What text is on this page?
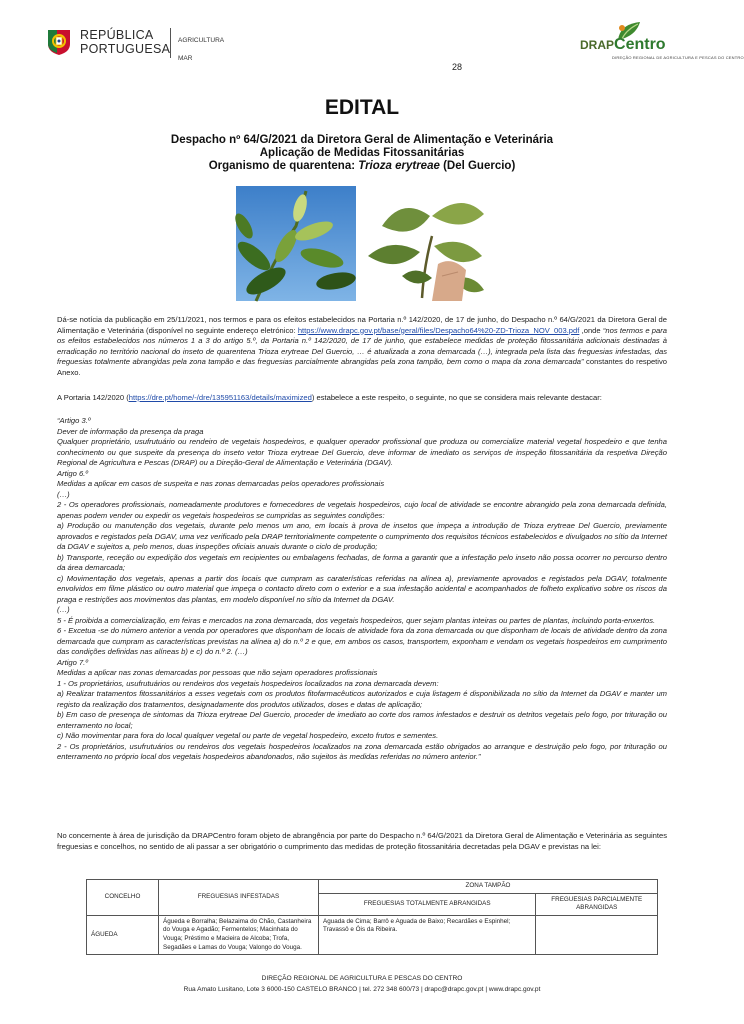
REPÚBLICA
PORTUGUESA
AGRICULTURA
MAR
DRAPCentro
DIREÇÃO REGIONAL DE AGRICULTURA E PESCAS DO CENTRO
28
EDITAL
Despacho nº 64/G/2021 da Diretora Geral de Alimentação e Veterinária
Aplicação de Medidas Fitossanitárias
Organismo de quarentena: Trioza erytreae (Del Guercio)
Dá-se notícia da publicação em 25/11/2021, nos termos e para os efeitos estabelecidos na Portaria n.º 142/2020, de 17 de junho, do Despacho n.º 64/G/2021 da Diretora Geral de Alimentação e Veterinária (disponível no seguinte endereço eletrónico: https://www.drapc.gov.pt/base/geral/files/Despacho64%20-ZD-Trioza_NOV_003.pdf ,onde “nos termos e para os efeitos estabelecidos nos números 1 a 3 do artigo 5.º, da Portaria n.º 142/2020, de 17 de junho, que estabelece medidas de proteção fitossanitária adicionais destinadas à erradicação no território nacional do inseto de quarentena Trioza erytreae Del Guercio, … é atualizada a zona demarcada (…), integrada pela lista das freguesias infestadas, das freguesias totalmente abrangidas pela zona tampão e das freguesias parcialmente abrangidas pela zona tampão, bem como o mapa da zona demarcada” constantes do respetivo Anexo.
A Portaria 142/2020 (https://dre.pt/home/-/dre/135951163/details/maximized) estabelece a este respeito, o seguinte, no que se considera mais relevante destacar:
“Artigo 3.º
Dever de informação da presença da praga
Qualquer proprietário, usufrutuário ou rendeiro de vegetais hospedeiros, e qualquer operador profissional que produza ou comercialize material vegetal hospedeiro e que tenha conhecimento ou que suspeite da presença do inseto vetor Trioza erytreae Del Guercio, deve informar de imediato os serviços de inspeção fitossanitária da respetiva Direção Regional de Agricultura e Pescas (DRAP) ou a Direção-Geral de Alimentação e Veterinária (DGAV).
Artigo 6.º
Medidas a aplicar em casos de suspeita e nas zonas demarcadas pelos operadores profissionais
(…)
2 - Os operadores profissionais, nomeadamente produtores e fornecedores de vegetais hospedeiros, cujo local de atividade se encontre abrangido pela zona demarcada definida, apenas podem vender ou expedir os vegetais hospedeiros se cumpridas as seguintes condições:
a) Produção ou manutenção dos vegetais, durante pelo menos um ano, em locais à prova de insetos que impeça a introdução de Trioza erytreae Del Guercio, previamente aprovados e registados pela DGAV, uma vez verificado pela DRAP territorialmente competente o cumprimento dos requisitos técnicos estabelecidos e divulgados no sítio da Internet da DGAV e sujeitos a, pelo menos, duas inspeções oficiais anuais durante o ciclo de produção;
b) Transporte, receção ou expedição dos vegetais em recipientes ou embalagens fechadas, de forma a garantir que a infestação pelo inseto não possa ocorrer no percurso dentro da área demarcada;
c) Movimentação dos vegetais, apenas a partir dos locais que cumpram as caraterísticas referidas na alínea a), previamente aprovados e registados pela DGAV, totalmente envolvidos em filme plástico ou outro material que impeça o contacto direto com o exterior e a sua infestação acidental e acompanhados de folheto explicativo sobre os riscos da praga e restrições aos movimentos das plantas, em modelo disponível no sítio da Internet da DGAV.
(…)
5 - É proibida a comercialização, em feiras e mercados na zona demarcada, dos vegetais hospedeiros, quer sejam plantas inteiras ou partes de plantas, incluindo porta-enxertos.
6 - Excetua -se do número anterior a venda por operadores que disponham de locais de atividade fora da zona demarcada ou que disponham de locais de atividade dentro da zona demarcada que cumpram as características previstas na alínea a) do n.º 2 e que, em ambos os casos, transportem, exponham e vendam os vegetais hospedeiros em cumprimento das condições definidas nas alíneas b) e c) do n.º 2. (…)
Artigo 7.º
Medidas a aplicar nas zonas demarcadas por pessoas que não sejam operadores profissionais
1 - Os proprietários, usufrutuários ou rendeiros dos vegetais hospedeiros localizados na zona demarcada devem:
a) Realizar tratamentos fitossanitários a esses vegetais com os produtos fitofarmacêuticos autorizados e cuja listagem é disponibilizada no sítio da Internet da DGAV e manter um registo da realização dos tratamentos, designadamente dos produtos utilizados, doses e datas de aplicação;
b) Em caso de presença de sintomas da Trioza erytreae Del Guercio, proceder de imediato ao corte dos ramos infestados e destruir os detritos vegetais pelo fogo, por trituração ou enterramento no local;
c) Não movimentar para fora do local qualquer vegetal ou parte de vegetal hospedeiro, exceto frutos e sementes.
2 - Os proprietários, usufrutuários ou rendeiros dos vegetais hospedeiros localizados na zona demarcada estão obrigados ao arranque e destruição pelo fogo, por trituração ou enterramento no próprio local dos vegetais hospedeiros abandonados, não sujeitos às medidas referidas no número anterior.”
No concernente à área de jurisdição da DRAPCentro foram objeto de abrangência por parte do Despacho n.º 64/G/2021 da Diretora Geral de Alimentação e Veterinária as seguintes freguesias e concelhos, no sentido de ali passar a ser obrigatório o cumprimento das medidas de proteção fitossanitária decretadas pela DGAV e previstas na lei:
CONCELHO	FREGUESIAS INFESTADAS	ZONA TAMPÃO	
		FREGUESIAS TOTALMENTE ABRANGIDAS	FREGUESIAS PARCIALMENTE ABRANGIDAS
ÁGUEDA	Águeda e Borralha; Belazaima do Chão, Castanheira do Vouga e Agadão; Fermentelos; Macinhata do Vouga; Préstimo e Macieira de Alcoba; Trofa, Segadães e Lamas do Vouga; Valongo do Vouga.	Aguada de Cima; Barrô e Aguada de Baixo; Recardães e Espinhel; Travassô e Óis da Ribeira.	
DIREÇÃO REGIONAL DE AGRICULTURA E PESCAS DO CENTRO
Rua Amato Lusitano, Lote 3 6000-150 CASTELO BRANCO | tel. 272 348 600/73 | drapc@drapc.gov.pt | www.drapc.gov.pt
